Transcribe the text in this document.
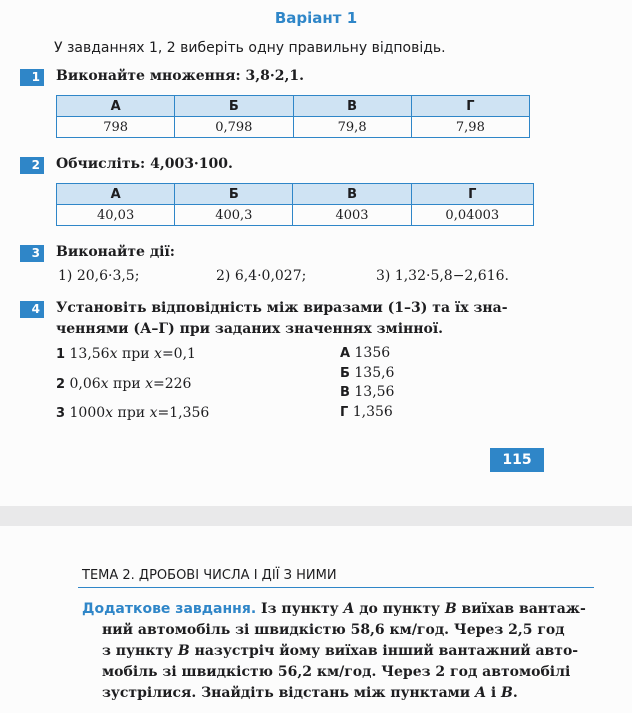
Варіант 1
У завданнях 1, 2 виберіть одну правильну відповідь.
1 Виконайте множення: 3,8·2,1.
А	Б	В	Г
798	0,798	79,8	7,98
2 Обчисліть: 4,003·100.
А	Б	В	Г
40,03	400,3	4003	0,04003
3 Виконайте дії:
1) 20,6·3,5;	2) 6,4·0,027;	3) 1,32·5,8−2,616.
4 Установіть відповідність між виразами (1–3) та їх зна-
ченнями (А–Г) при заданих значеннях змінної.
1 13,56x при x=0,1
2 0,06x при x=226
3 1000x при x=1,356
А 1356
Б 135,6
В 13,56
Г 1,356
115
ТЕМА 2. ДРОБОВІ ЧИСЛА І ДІЇ З НИМИ
Додаткове завдання. Із пункту A до пункту B виїхав вантаж-
ний автомобіль зі швидкістю 58,6 км/год. Через 2,5 год
з пункту B назустріч йому виїхав інший вантажний авто-
мобіль зі швидкістю 56,2 км/год. Через 2 год автомобілі
зустрілися. Знайдіть відстань між пунктами A і B.
